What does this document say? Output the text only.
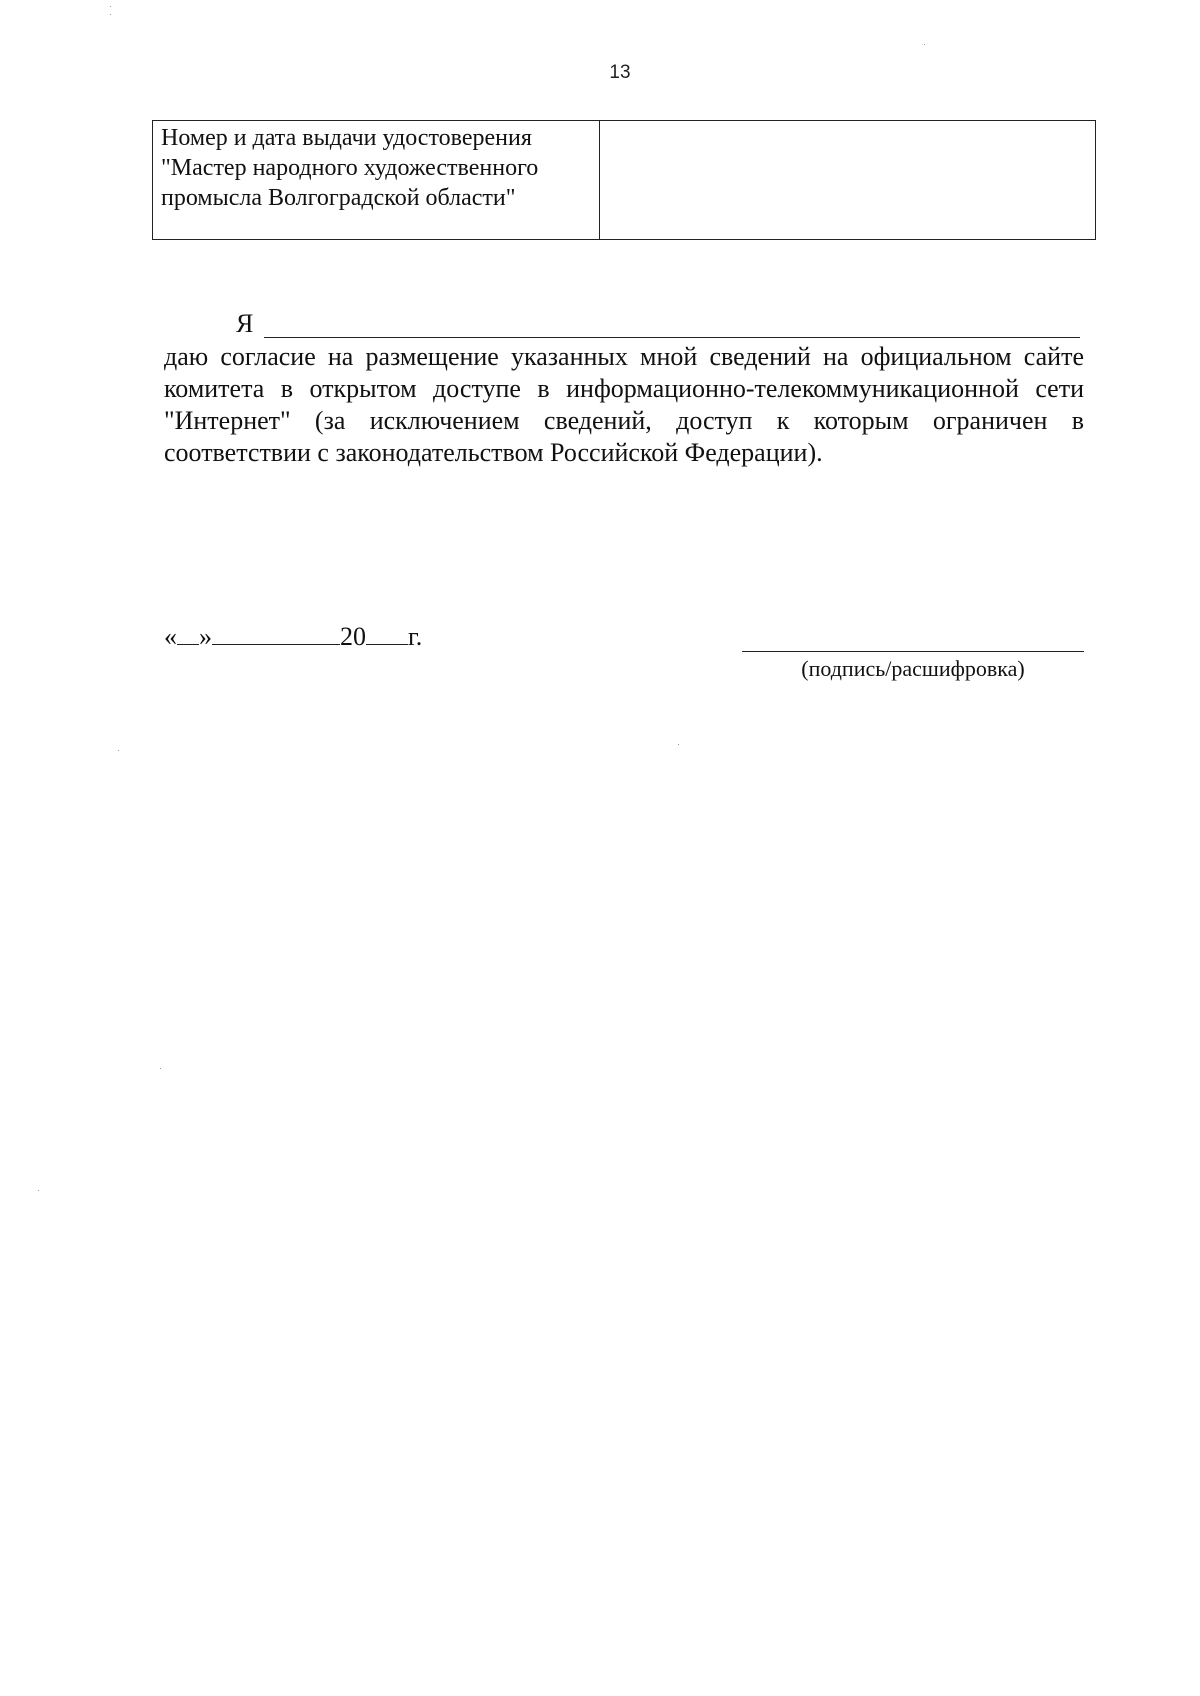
13
Номер и дата выдачи удостоверения "Мастер народного художественного промысла Волгоградской области"	
Я
даю согласие на размещение указанных мной сведений на официальном сайте комитета в открытом доступе в информационно-телекоммуникационной сети "Интернет" (за исключением сведений, доступ к которым ограничен в соответствии с законодательством Российской Федерации).
« »	20 г.
(подпись/расшифровка)
